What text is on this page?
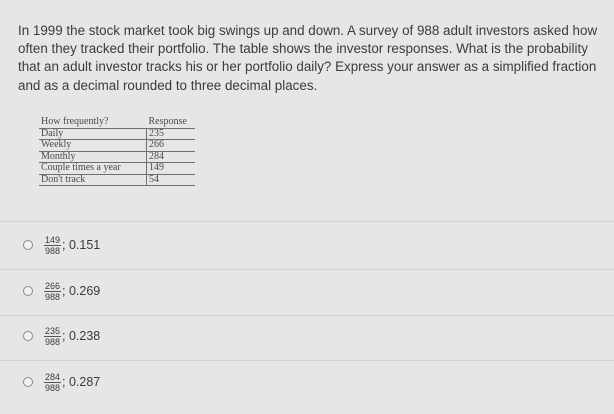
In 1999 the stock market took big swings up and down. A survey of 988 adult investors asked how often they tracked their portfolio. The table shows the investor responses. What is the probability that an adult investor tracks his or her portfolio daily? Express your answer as a simplified fraction and as a decimal rounded to three decimal places.
How frequently?	Response
Daily	235
Weekly	266
Monthly	284
Couple times a year	149
Don't track	54
$\frac{149}{988}$ ; 0.151
$\frac{266}{988}$ ; 0.269
$\frac{235}{988}$ ; 0.238
$\frac{284}{988}$ ; 0.287
